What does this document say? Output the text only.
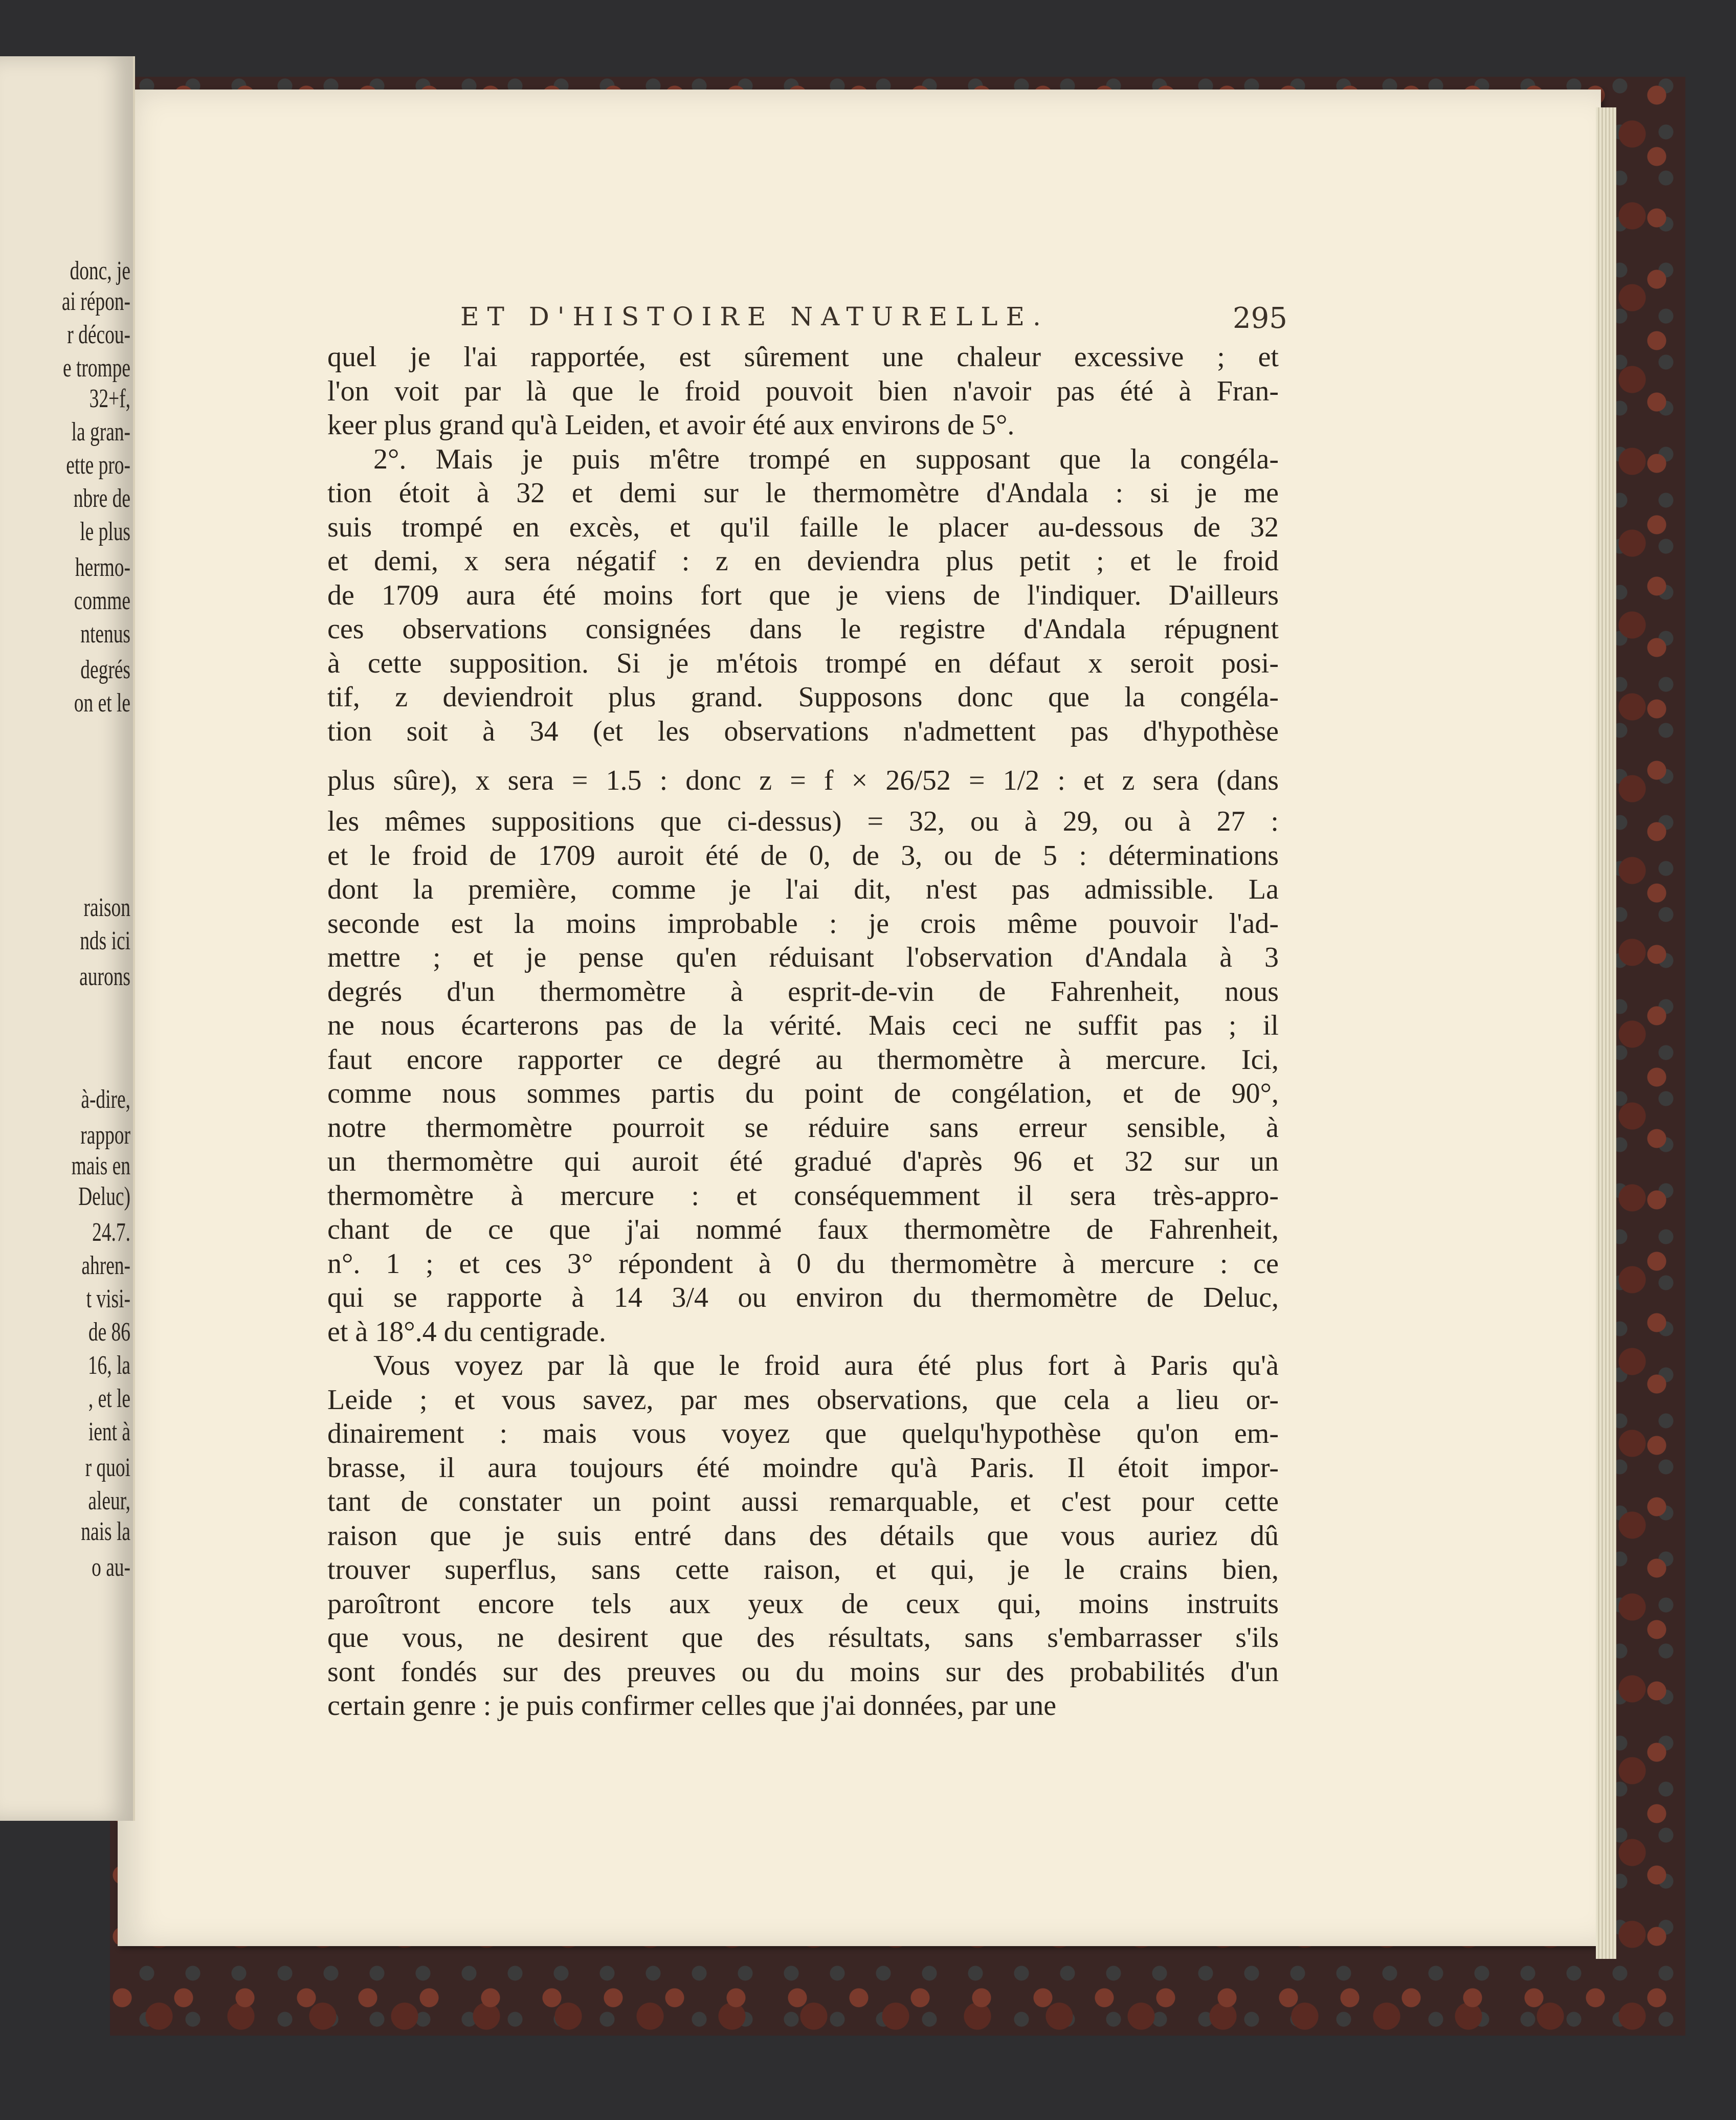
donc, je
ai répon-
r décou-
e trompe
32+f,
la gran-
ette pro-
nbre de
le plus
hermo-
comme
ntenus
degrés
on et le
raison
nds ici
aurons
à-dire,
rappor
mais en
Deluc)
24.7.
ahren-
t visi-
de 86
16, la
, et le
ient à
r quoi
aleur,
nais la
o au-
ET D'HISTOIRE NATURELLE.	295
quel je l'ai rapportée, est sûrement une chaleur excessive ; et
l'on voit par là que le froid pouvoit bien n'avoir pas été à Fran-
keer plus grand qu'à Leiden, et avoir été aux environs de 5°.
2°. Mais je puis m'être trompé en supposant que la congéla-
tion étoit à 32 et demi sur le thermomètre d'Andala : si je me
suis trompé en excès, et qu'il faille le placer au-dessous de 32
et demi, x sera négatif : z en deviendra plus petit ; et le froid
de 1709 aura été moins fort que je viens de l'indiquer. D'ailleurs
ces observations consignées dans le registre d'Andala répugnent
à cette supposition. Si je m'étois trompé en défaut x seroit posi-
tif, z deviendroit plus grand. Supposons donc que la congéla-
tion soit à 34 (et les observations n'admettent pas d'hypothèse
plus sûre), x sera = 1.5 : donc z = f × 26/52 = 1/2 : et z sera (dans
les mêmes suppositions que ci-dessus) = 32, ou à 29, ou à 27 :
et le froid de 1709 auroit été de 0, de 3, ou de 5 : déterminations
dont la première, comme je l'ai dit, n'est pas admissible. La
seconde est la moins improbable : je crois même pouvoir l'ad-
mettre ; et je pense qu'en réduisant l'observation d'Andala à 3
degrés d'un thermomètre à esprit-de-vin de Fahrenheit, nous
ne nous écarterons pas de la vérité. Mais ceci ne suffit pas ; il
faut encore rapporter ce degré au thermomètre à mercure. Ici,
comme nous sommes partis du point de congélation, et de 90°,
notre thermomètre pourroit se réduire sans erreur sensible, à
un thermomètre qui auroit été gradué d'après 96 et 32 sur un
thermomètre à mercure : et conséquemment il sera très-appro-
chant de ce que j'ai nommé faux thermomètre de Fahrenheit,
n°. 1 ; et ces 3° répondent à 0 du thermomètre à mercure : ce
qui se rapporte à 14 3/4 ou environ du thermomètre de Deluc,
et à 18°.4 du centigrade.
Vous voyez par là que le froid aura été plus fort à Paris qu'à
Leide ; et vous savez, par mes observations, que cela a lieu or-
dinairement : mais vous voyez que quelqu'hypothèse qu'on em-
brasse, il aura toujours été moindre qu'à Paris. Il étoit impor-
tant de constater un point aussi remarquable, et c'est pour cette
raison que je suis entré dans des détails que vous auriez dû
trouver superflus, sans cette raison, et qui, je le crains bien,
paroîtront encore tels aux yeux de ceux qui, moins instruits
que vous, ne desirent que des résultats, sans s'embarrasser s'ils
sont fondés sur des preuves ou du moins sur des probabilités d'un
certain genre : je puis confirmer celles que j'ai données, par une
